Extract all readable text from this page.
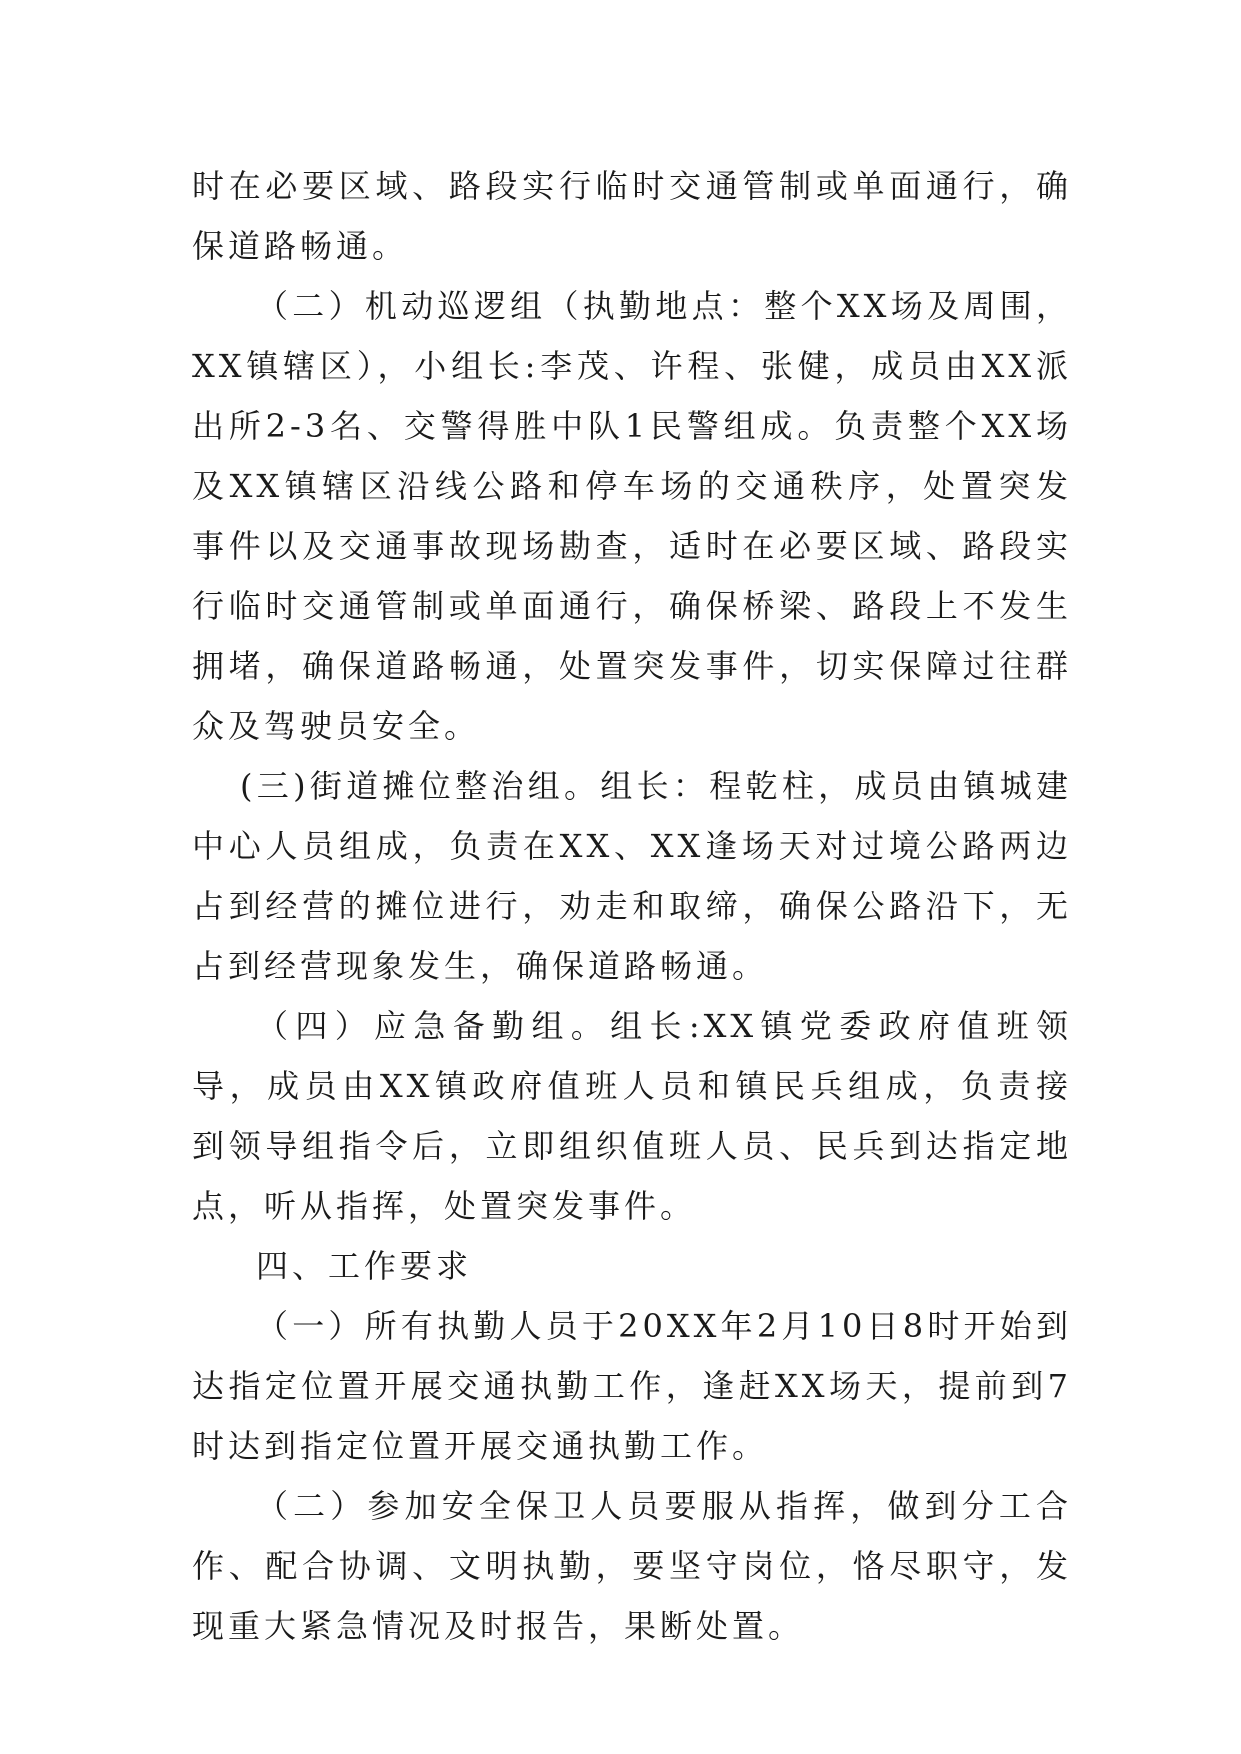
时在必要区域、路段实行临时交通管制或单面通行，确保道路畅通。

（二）机动巡逻组（执勤地点：整个XX场及周围，XX镇辖区），小组长:李茂、许程、张健，成员由XX派出所2-3名、交警得胜中队1民警组成。负责整个XX场及XX镇辖区沿线公路和停车场的交通秩序，处置突发事件以及交通事故现场勘查，适时在必要区域、路段实行临时交通管制或单面通行，确保桥梁、路段上不发生拥堵，确保道路畅通，处置突发事件，切实保障过往群众及驾驶员安全。

(三)街道摊位整治组。组长：程乾柱，成员由镇城建中心人员组成，负责在XX、XX逢场天对过境公路两边占到经营的摊位进行，劝走和取缔，确保公路沿下，无占到经营现象发生，确保道路畅通。

（四）应急备勤组。组长:XX镇党委政府值班领导，成员由XX镇政府值班人员和镇民兵组成，负责接到领导组指令后，立即组织值班人员、民兵到达指定地点，听从指挥，处置突发事件。

四、工作要求

（一）所有执勤人员于20XX年2月10日8时开始到达指定位置开展交通执勤工作，逢赶XX场天，提前到7时达到指定位置开展交通执勤工作。

（二）参加安全保卫人员要服从指挥，做到分工合作、配合协调、文明执勤，要坚守岗位，恪尽职守，发现重大紧急情况及时报告，果断处置。
